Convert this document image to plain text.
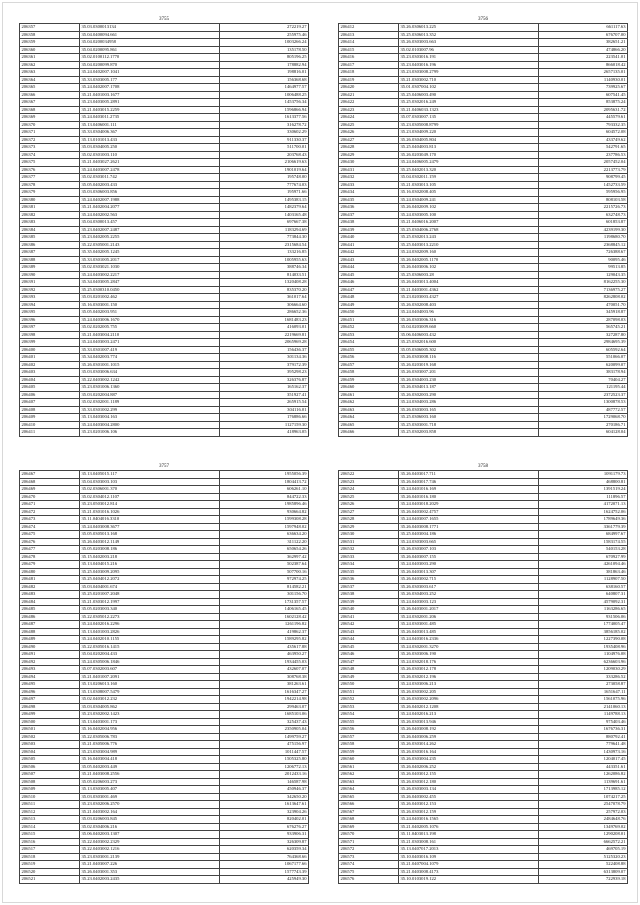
3755
206357	35.03.0300013134	272219.27
206358	35.04.0400094.661	255975.46
206359	35.04.0200034958	1003266.24
206360	35.04.0200095.861	135178.50
206361	35.02.0100112.1770	805196.25
206362	35.04.0200099.870	178882.94
206363	35.24.0402007.1041	198816.01
206364	35.33.0303005.177	156368.68
206365	35.24.0402007.1708	1464977.57
206366	35.21.0401003.1677	1006488.25
206367	35.23.0403005.2891	1453756.34
206368	35.21.0403015.2259	1596866.94
206369	35.24.0403011.2735	1613377.56
206370	35.13.0406001.111	316278.72
206371	35.33.0304006.367	330602.29
206372	35.13.0101013.433	911330.37
206373	35.03.0304005.250	511700.01
206374	35.02.0301003.110	203768.43
206375	35.21.0403027.2621	2106619.63
206376	35.24.0403007.2478	1901019.64
206377	35.02.0303011.742	195748.00
206378	35.05.0402003.433	777674.03
206379	35.03.0306003.856	195971.66
206380	35.24.0402007.1988	1495383.15
206381	35.21.0402004.2077	1482379.64
206382	35.24.0402002.563	1403165.48
206383	35.04.0300013.457	697667.38
206384	35.23.0402007.2487	1183294.69
206385	35.23.0402005.2255	773844.30
206386	35.22.0305001.2143	2315684.54
206387	35.35.0402005.1245	133216.85
206388	35.33.0301005.2017	1005955.63
206389	35.02.0303021.1030	388746.34
206390	35.24.0403002.2217	814033.51
206391	35.34.0403005.2847	1320408.28
206392	35.25.0300310.0450	835370.20
206393	35.03.0201002.462	361017.64
206394	35.16.0303001.150	306664.60
206395	35.05.0402003.951	286652.36
206396	35.24.0403006.1670	1681483.23
206397	35.02.0202005.755	416093.01
206398	35.21.0403004.2110	2219669.81
206399	35.24.0403003.2471	2065969.28
206400	35.33.0301007.419	156436.37
206401	35.34.0402003.774	301134.36
206402	35.26.0301001.1015	379172.39
206403	35.03.0303006.634	395298.23
206404	35.22.0403002.1242	326376.87
206405	35.23.0301006.1360	165162.37
206406	35.03.0202004.887	351927.41
206407	35.02.0302001.1189	265915.54
206408	35.33.0301002.299	304116.01
206409	35.13.0403004.163	176886.66
206410	35.24.0403004.2800	1127159.30
206411	35.23.0201006.106	418963.05
3756
206412	35.26.0306013.225	661117.63
206413	35.25.0306013.352	676707.00
206414	35.26.0303003.663	382651.21
206415	35.02.0103007.96	474866.20
206416	35.23.0303016.191	223541.01
206417	35.23.0403016.196	866018.42
206418	35.23.0303008.2799	2657135.01
206419	35.21.0303002.710	1140930.01
206420	35.01.0307004.102	739925.67
206421	35.25.0406003.490	607541.45
206422	35.25.0302016.249	853875.24
206423	35.21.0406033.1323	2095631.72
206424	35.07.0303007.135	445579.61
206425	35.23.0305008.8799	793332.35
206426	35.23.0304009.220	604572.08
206427	35.26.0304005.804	433749.62
206428	35.25.0404003.813	542791.65
206429	35.26.0203049.170	237786.53
206430	35.24.0406005.2479	2057452.04
206431	35.25.0402013.320	2213773.79
206432	35.04.0302011.159	908799.45
206433	35.21.0303013.105	1452733.59
206434	35.16.0302008.405	595956.95
206435	35.24.0304009.241	808103.58
206436	35.26.0402009.102	2215726.73
206437	35.24.0303005.100	632748.73
206438	35.21.0406016.2007	601853.87
206439	35.25.0304006.2768	4239199.30
206440	35.25.0302013.243	1198680.70
206441	35.25.0403013.2210	2368845.12
206442	35.24.0302009.160	726388.67
206443	35.26.0402005.1170	90095.46
206444	35.26.0403006.102	99513.85
206445	35.25.0306003.28	129043.35
206446	35.26.0403013.4004	8162255.30
206447	35.21.0403001.4362	7136975.27
206448	35.23.0203003.4327	8262808.02
206449	35.26.0302008.403	470051.70
206450	35.24.0404003.96	345918.87
206451	35.26.0303006.316	287098.03
206452	35.04.0203009.660	565745.21
206453	35.06.0406003.432	327287.80
206454	35.25.0302016.600	2984695.39
206455	35.05.0306005.302	605592.64
206456	35.26.0303008.116	551066.07
206457	35.26.0203019.168	620099.07
206458	35.26.0303007.201	383178.94
206459	35.26.0304003.230	70404.27
206460	35.26.0304013.187	121195.44
206461	35.26.0302003.290	2372523.37
206462	35.24.0304003.286	1300878.53
206463	35.26.0303003.165	487772.57
206464	35.25.0306003.160	1729068.70
206465	35.25.0303001.718	270186.71
206466	35.25.0302003.858	604128.04
3757
206467	35.13.0405015.117	1955056.39
206468	35.04.0303003.103	1804413.72
206469	35.02.0306001.370	606261.10
206470	35.02.0304012.1107	844722.33
206471	35.23.0503012.814	1985896.46
206472	35.21.0301016.1026	930664.82
206473	35.11.0404016.3310	1599308.28
206474	35.24.0403008.3677	1597948.02
206475	35.05.0305013.168	636634.20
206476	35.26.0403012.1149	311122.20
206477	35.05.0203008.186	650654.26
206478	35.15.0402003.218	362997.42
206479	35.13.0404015.216	502387.64
206480	35.25.0403009.2095	507700.16
206481	35.25.0404012.2072	972974.25
206482	35.03.0404001.674	814582.21
206483	35.25.0201007.2048	301156.70
206484	35.21.0303012.1997	1731357.57
206485	35.05.0203003.340	1406165.45
206486	35.22.0305012.2273	1602128.42
206487	35.24.0402016.2296	1261196.82
206488	35.13.0401003.2826	419862.37
206489	35.24.0402010.1155	1589295.82
206490	35.22.0305016.1415	435617.88
206491	35.04.0202004.433	463950.27
206492	35.24.0305006.1846	1934455.03
206493	35.07.0302003.607	432607.07
206494	35.21.0401007.2091	308768.38
206495	35.13.0206013.160	381263.61
206496	35.13.0308007.5479	1616347.27
206497	35.02.0403012.232	1942214.98
206498	35.03.0304005.862	299463.07
206499	35.23.0302002.1423	1685103.06
206500	35.13.0403001.173	325437.43
206501	35.16.0402004.956	2350905.04
206502	35.22.0305006.783	1499759.27
206503	35.21.0305006.776	475156.97
206504	35.23.0303004.989	1011447.57
206505	35.16.0403004.418	1505325.80
206506	35.05.0402003.449	1206772.13
206507	35.21.0403008.2556	2012433.16
206508	35.05.0206003.273	146587.98
206509	35.13.0303005.407	450946.37
206510	35.03.0303001.469	342650.20
206511	35.23.0302006.2570	1613647.61
206512	35.21.0403002.164	323904.26
206513	35.03.0206003.845	820402.01
206514	35.02.0304006.216	676276.27
206515	35.06.0402003.1307	933906.31
206516	35.22.0403002.2329	326309.87
206517	35.22.0403002.1216	620359.34
206518	35.23.0303001.2139	764368.66
206519	35.21.0403007.226	1067177.66
206520	35.26.0403001.353	1577743.39
206521	35.23.0402003.2435	425949.30
3758
206522	35.26.0403017.711	1091179.73
206523	35.26.0403017.746	468800.81
206524	35.24.0401016.169	1391519.24
206525	35.26.0401016.180	111896.57
206526	35.24.0403018.2029	4172071.13
206527	35.26.0403002.4757	1624752.06
206528	35.24.0403007.1655	1789649.36
206529	35.26.0403008.1771	3361779.39
206530	35.25.0403004.186	684997.67
206531	35.24.0303003.665	1583174.55
206532	35.26.0303007.103	540153.28
206533	35.26.0403007.155	670927.99
206534	35.24.0403003.290	4261094.46
206535	35.26.0403013.307	381863.46
206536	35.26.0403002.715	1128907.50
206537	35.26.0303003.617	638160.57
206538	35.26.0304003.252	640807.31
206539	35.24.0403003.123	4579092.31
206540	35.26.0403001.2017	1163286.65
206541	35.24.0302001.206	931506.06
206542	35.24.0303001.485	1774005.47
206543	35.26.0403013.485	3856185.02
206544	35.24.0403016.2336	1227390.08
206545	35.24.0302001.3270	1935408.96
206546	35.26.0303006.190	1104976.08
206547	35.24.0302018.176	6236603.96
206548	35.26.0303012.178	1209030.29
206549	35.26.0302012.196	333286.52
206550	35.24.0303006.213	273058.87
206551	35.26.0303002.205	1651647.11
206552	35.26.0303002.2096	1561075.96
206553	35.26.0402012.1208	2141060.13
206554	35.24.0402016.213	1149788.13
206555	35.26.0303013.946	975403.46
206556	35.26.0403008.192	1676736.31
206557	35.26.0403006.259	880792.41
206558	35.26.0303014.262	779641.48
206559	35.26.0303016.164	1430973.16
206560	35.26.0303004.235	1204017.45
206561	35.26.0402006.252	443351.61
206562	35.26.0403012.155	1262086.82
206563	35.26.0303012.180	1139691.61
206564	35.26.0303003.134	1713985.12
206565	35.26.0403002.455	1074217.25
206566	35.26.0403012.153	2547078.79
206567	35.26.0303012.159	257972.03
206568	35.24.0403016.1565	2484648.76
206569	35.21.0402005.1076	1349769.02
206570	35.11.0403013.198	1290208.01
206571	35.21.0303008.161	6662572.21
206572	35.13.0407017.2013	469705.19
206573	35.10.0403016.109	5125320.23
206574	35.21.0407004.1079	522408.88
206575	35.21.0403008.4173	6313809.07
206576	35.10.0103019.122	722939.18
